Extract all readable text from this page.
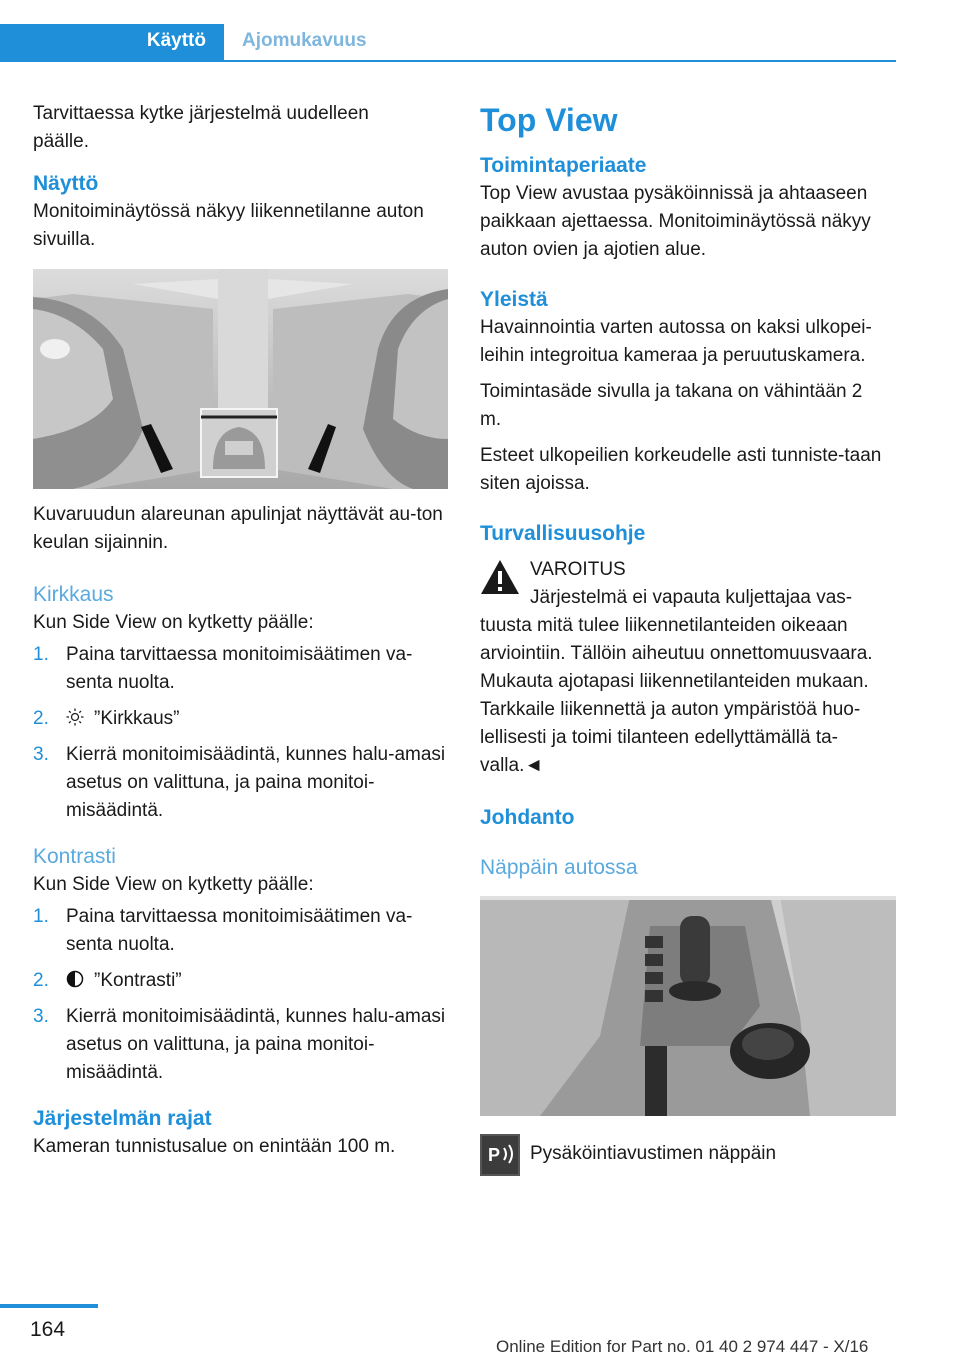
Käyttö Ajomukavuus

Tarvittaessa kytke järjestelmä uudelleen päälle.

Näyttö

Monitoiminäytössä näkyy liikennetilanne auton sivuilla.

Kuvaruudun alareunan apulinjat näyttävät au-ton keulan sijainnin.

Kirkkaus

Kun Side View on kytketty päälle:

1. Paina tarvittaessa monitoimisäätimen va-senta nuolta.
2. ”Kirkkaus”
3. Kierrä monitoimisäädintä, kunnes halu-amasi asetus on valittuna, ja paina monitoi-misäädintä.
Kontrasti

Kun Side View on kytketty päälle:

1. Paina tarvittaessa monitoimisäätimen va-senta nuolta.
2. ”Kontrasti”
3. Kierrä monitoimisäädintä, kunnes halu-amasi asetus on valittuna, ja paina monitoi-misäädintä.
Järjestelmän rajat

Kameran tunnistusalue on enintään 100 m.

Top View
Toimintaperiaate

Top View avustaa pysäköinnissä ja ahtaaseen paikkaan ajettaessa. Monitoiminäytössä näkyy auton ovien ja ajotien alue.

Yleistä

Havainnointia varten autossa on kaksi ulkopei-leihin integroitua kameraa ja peruutuskamera.

Toimintasäde sivulla ja takana on vähintään 2 m.

Esteet ulkopeilien korkeudelle asti tunniste-taan siten ajoissa.

Turvallisuusohje

VAROITUS

Järjestelmä ei vapauta kuljettajaa vas-tuusta mitä tulee liikennetilanteiden oikeaan arviointiin. Tällöin aiheutuu onnettomuusvaara. Mukauta ajotapasi liikennetilanteiden mukaan. Tarkkaile liikennettä ja auton ympäristöä huo-lellisesti ja toimi tilanteen edellyttämällä ta-valla.◄

Johdanto
Näppäin autossa
P Pysäköintiavustimen näppäin

164
Online Edition for Part no. 01 40 2 974 447 - X/16
